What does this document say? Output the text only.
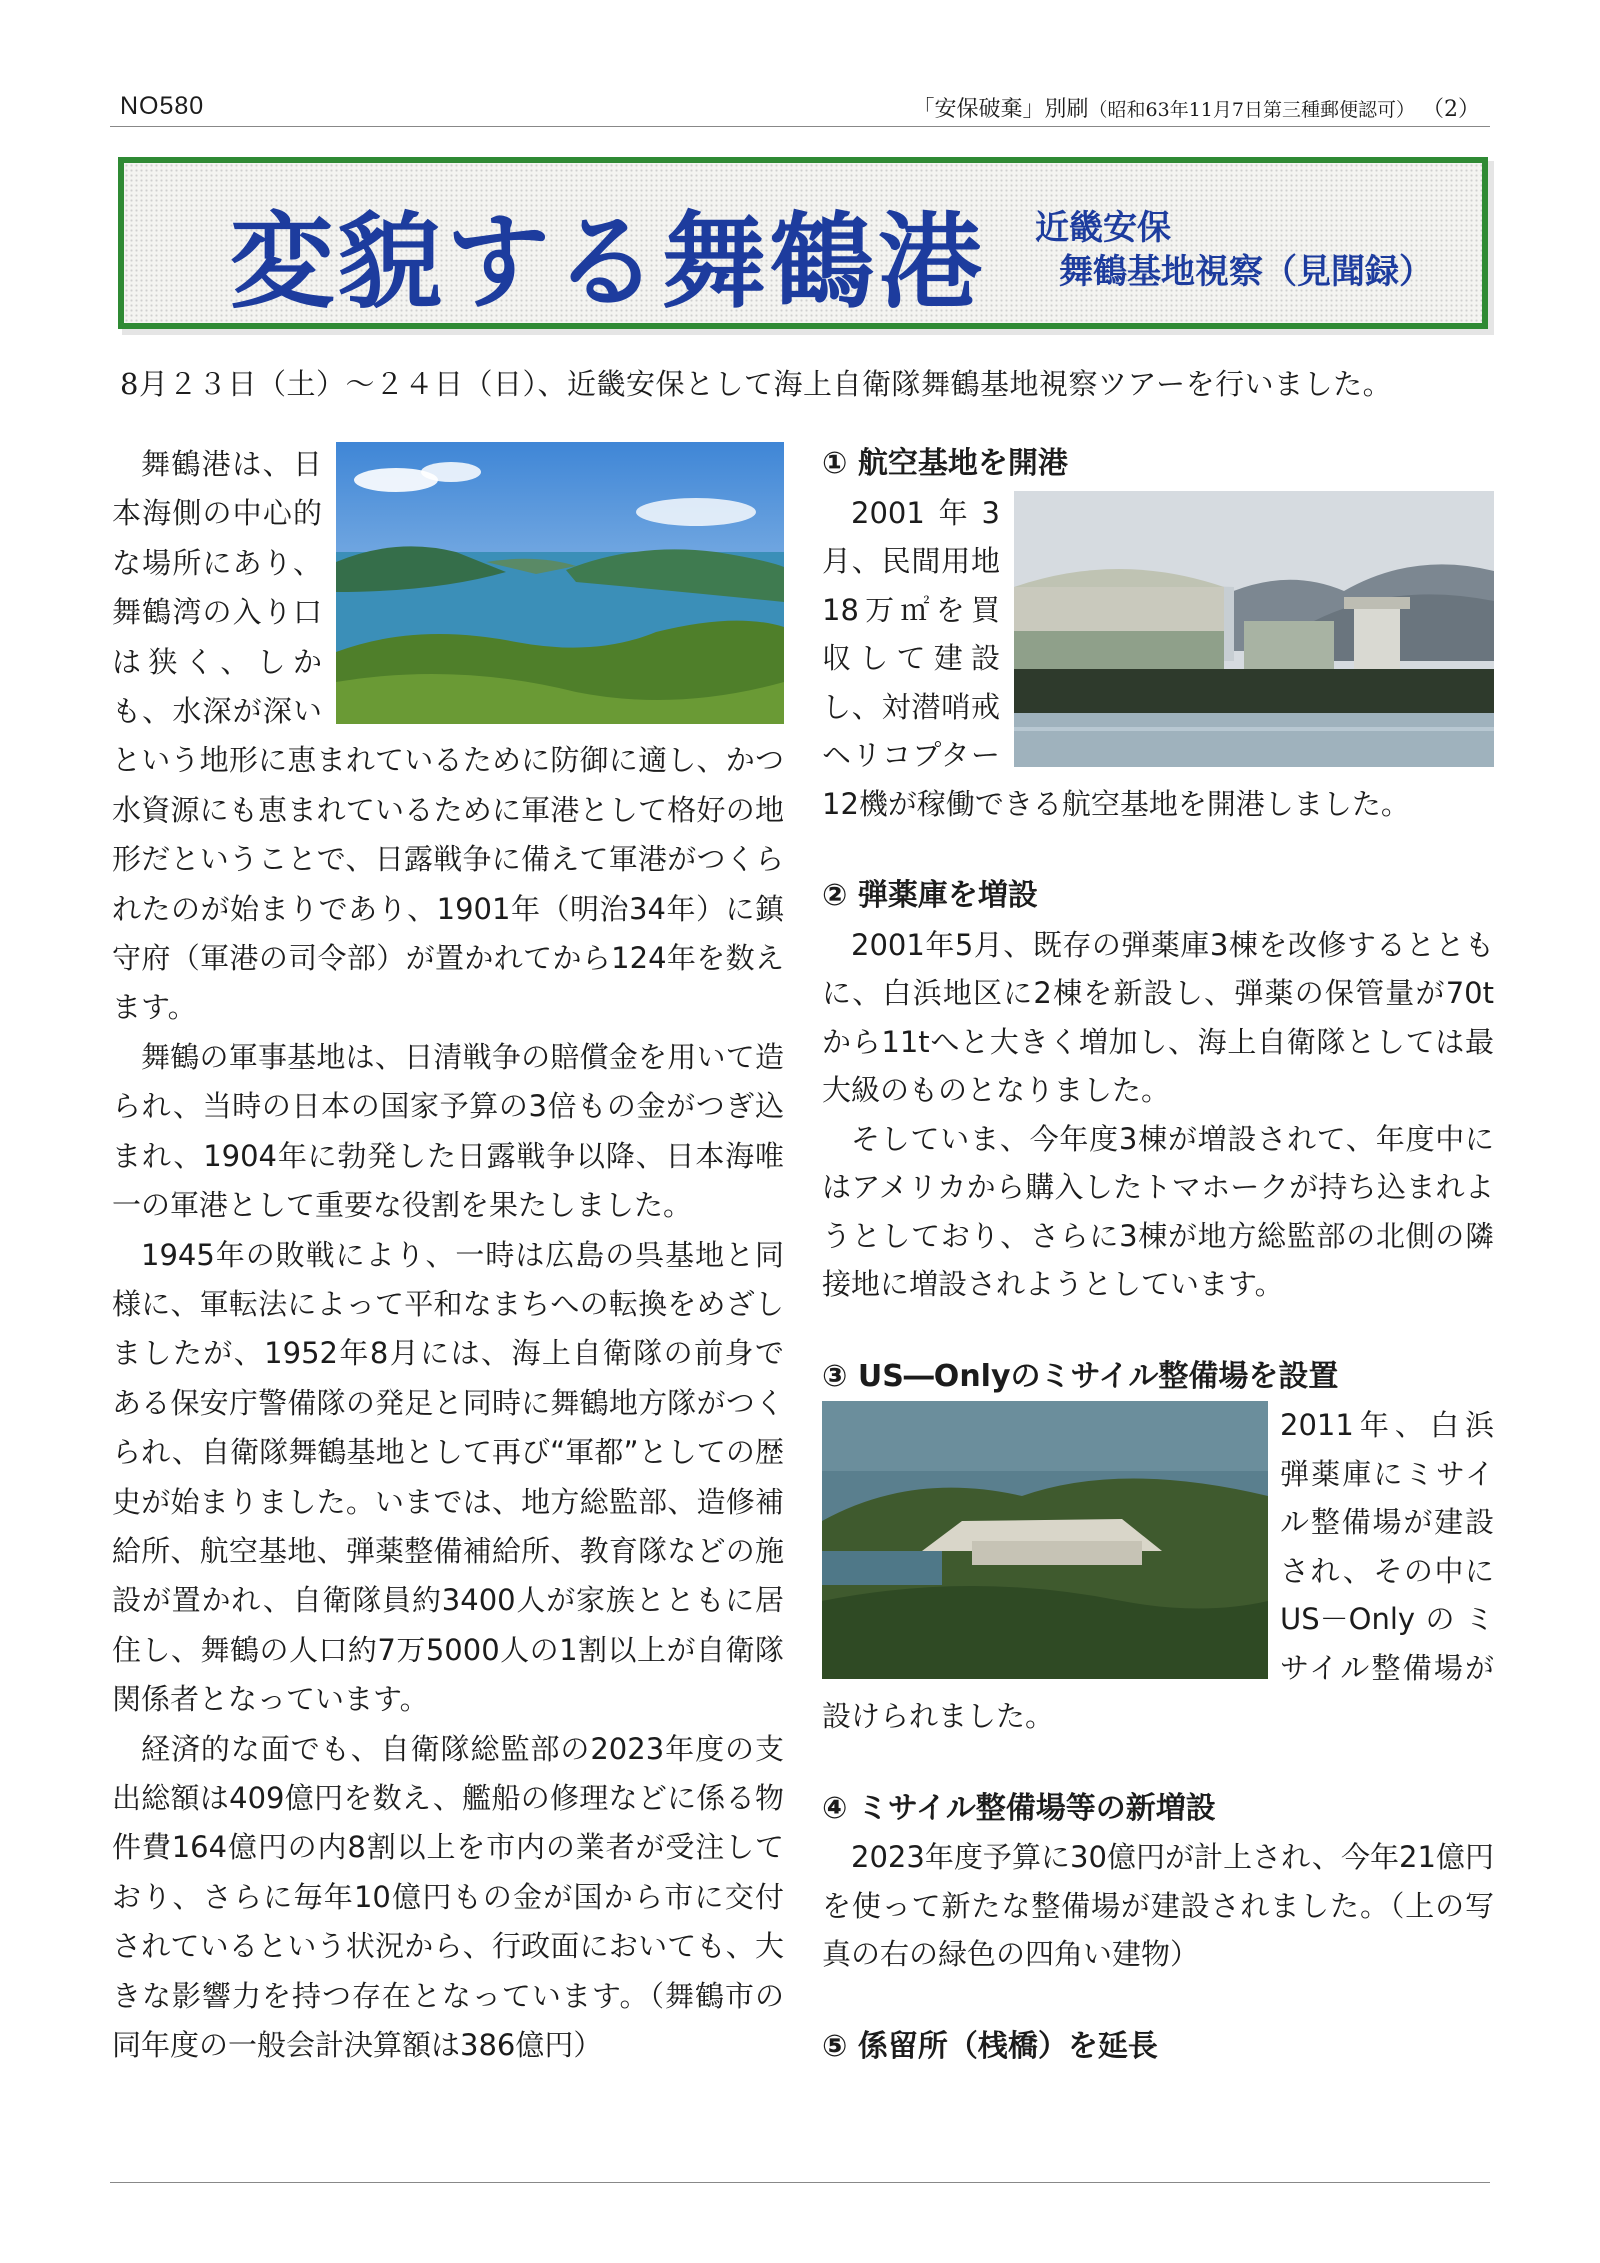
NO580	「安保破棄」別刷（昭和63年11月7日第三種郵便認可） （2）
変貌する舞鶴港 近畿安保
舞鶴基地視察（見聞録）
8月２３日（土）～２４日（日）、近畿安保として海上自衛隊舞鶴基地視察ツアーを行いました。

舞鶴港は、日本海側の中心的な場所にあり、舞鶴湾の入り口は狭く、しかも、水深が深いという地形に恵まれているために防御に適し、かつ水資源にも恵まれているために軍港として格好の地形だということで、日露戦争に備えて軍港がつくられたのが始まりであり、1901年（明治34年）に鎮守府（軍港の司令部）が置かれてから124年を数えます。

舞鶴の軍事基地は、日清戦争の賠償金を用いて造られ、当時の日本の国家予算の3倍もの金がつぎ込まれ、1904年に勃発した日露戦争以降、日本海唯一の軍港として重要な役割を果たしました。

1945年の敗戦により、一時は広島の呉基地と同様に、軍転法によって平和なまちへの転換をめざしましたが、1952年8月には、海上自衛隊の前身である保安庁警備隊の発足と同時に舞鶴地方隊がつくられ、自衛隊舞鶴基地として再び“軍都”としての歴史が始まりました。いまでは、地方総監部、造修補給所、航空基地、弾薬整備補給所、教育隊などの施設が置かれ、自衛隊員約3400人が家族とともに居住し、舞鶴の人口約7万5000人の1割以上が自衛隊関係者となっています。

経済的な面でも、自衛隊総監部の2023年度の支出総額は409億円を数え、艦船の修理などに係る物件費164億円の内8割以上を市内の業者が受注しており、さらに毎年10億円もの金が国から市に交付されているという状況から、行政面においても、大きな影響力を持つ存在となっています。（舞鶴市の同年度の一般会計決算額は386億円）

① 航空基地を開港

2001年3月、民間用地18万㎡を買収して建設し、対潜哨戒ヘリコプター12機が稼働できる航空基地を開港しました。

② 弾薬庫を増設

2001年5月、既存の弾薬庫3棟を改修するとともに、白浜地区に2棟を新設し、弾薬の保管量が70tから11tへと大きく増加し、海上自衛隊としては最大級のものとなりました。

そしていま、今年度3棟が増設されて、年度中にはアメリカから購入したトマホークが持ち込まれようとしており、さらに3棟が地方総監部の北側の隣接地に増設されようとしています。

③ US―Onlyのミサイル整備場を設置

2011年、白浜弾薬庫にミサイル整備場が建設され、その中にUS－Onlyのミサイル整備場が設けられました。

④ ミサイル整備場等の新増設

2023年度予算に30億円が計上され、今年21億円を使って新たな整備場が建設されました。（上の写真の右の緑色の四角い建物）

⑤ 係留所（桟橋）を延長
